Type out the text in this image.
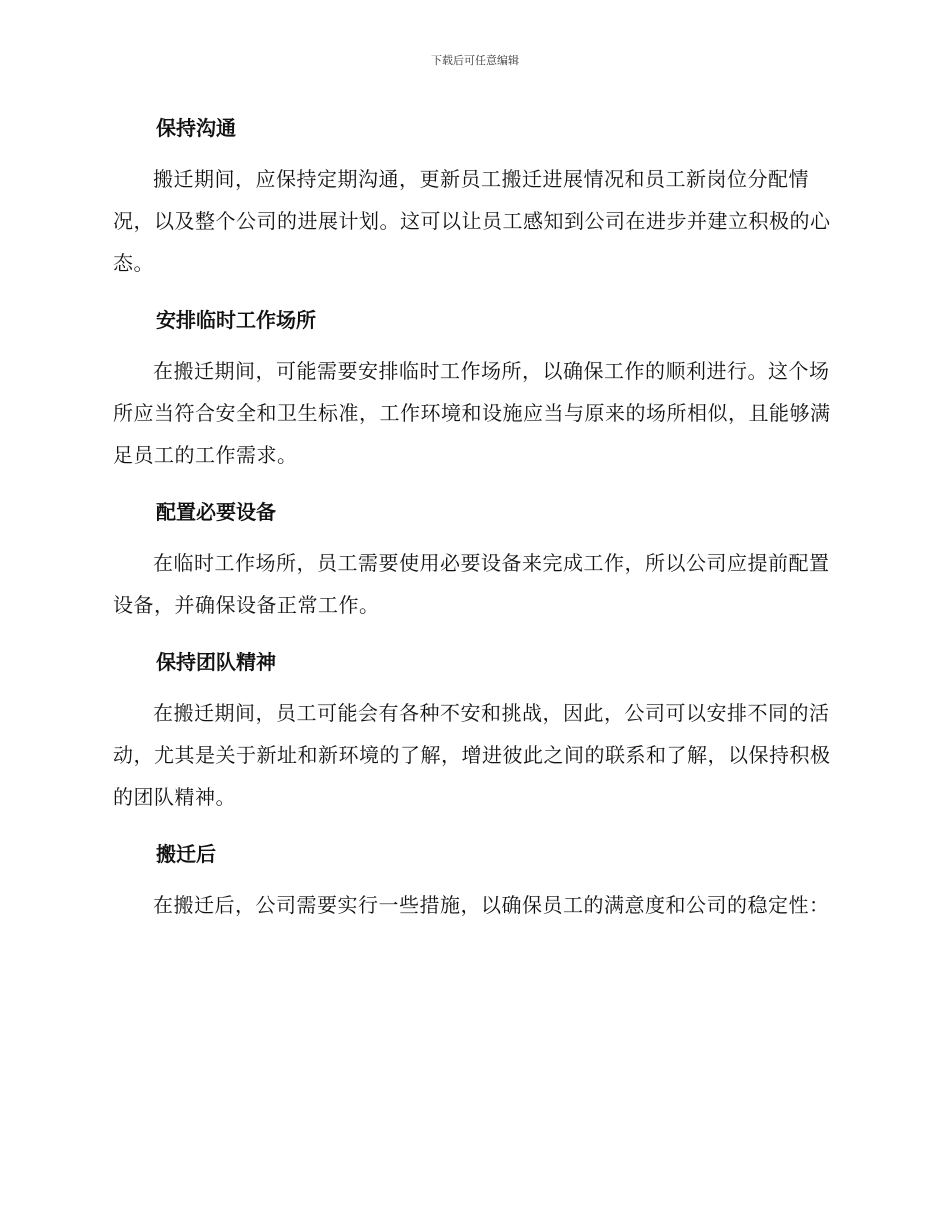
下载后可任意编辑
保持沟通

搬迁期间，应保持定期沟通，更新员工搬迁进展情况和员工新岗位分配情况，以及整个公司的进展计划。这可以让员工感知到公司在进步并建立积极的心态。

安排临时工作场所

在搬迁期间，可能需要安排临时工作场所，以确保工作的顺利进行。这个场所应当符合安全和卫生标准，工作环境和设施应当与原来的场所相似，且能够满足员工的工作需求。

配置必要设备

在临时工作场所，员工需要使用必要设备来完成工作，所以公司应提前配置设备，并确保设备正常工作。

保持团队精神

在搬迁期间，员工可能会有各种不安和挑战，因此，公司可以安排不同的活动，尤其是关于新址和新环境的了解，增进彼此之间的联系和了解，以保持积极的团队精神。

搬迁后

在搬迁后，公司需要实行一些措施，以确保员工的满意度和公司的稳定性：
